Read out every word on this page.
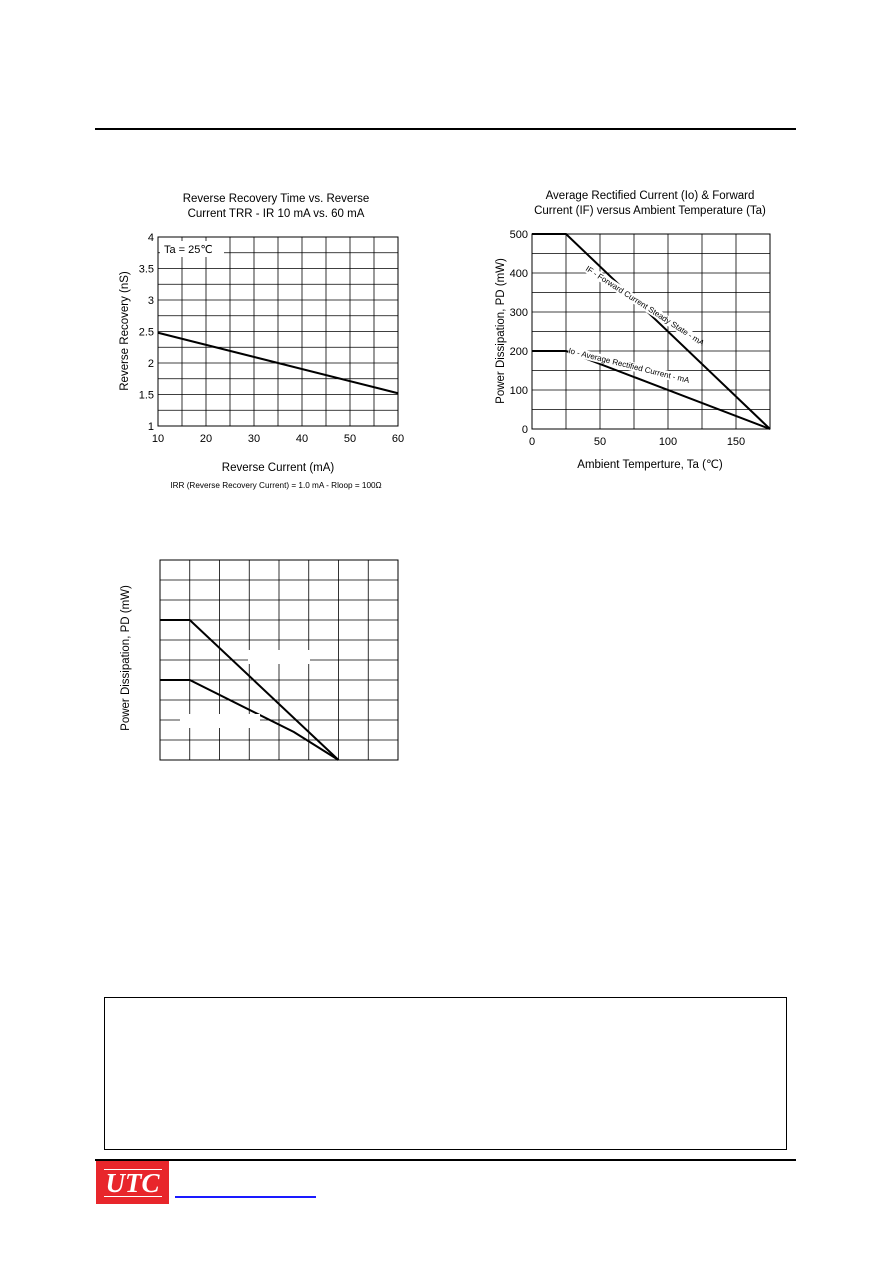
Reverse Recovery Time vs. Reverse
Current TRR - IR 10 mA vs. 60 mA
10	20	30	40	50	60
1
1.5
2
2.5
3
3.5
4
Ta = 25℃
Reverse Current (mA)
Reverse Recovery (nS)
IRR (Reverse Recovery Current) = 1.0 mA - Rloop = 100Ω
Average Rectified Current (Io) & Forward
Current (IF) versus Ambient Temperature (Ta)
0	50	100	150
0
100
200
300
400
500
IF - Forward Current Steady State - mA
Io - Average Rectified Current - mA
Ambient Temperture, Ta (℃)
Power Dissipation, PD (mW)
Power Dissipation, PD (mW)
UTC
